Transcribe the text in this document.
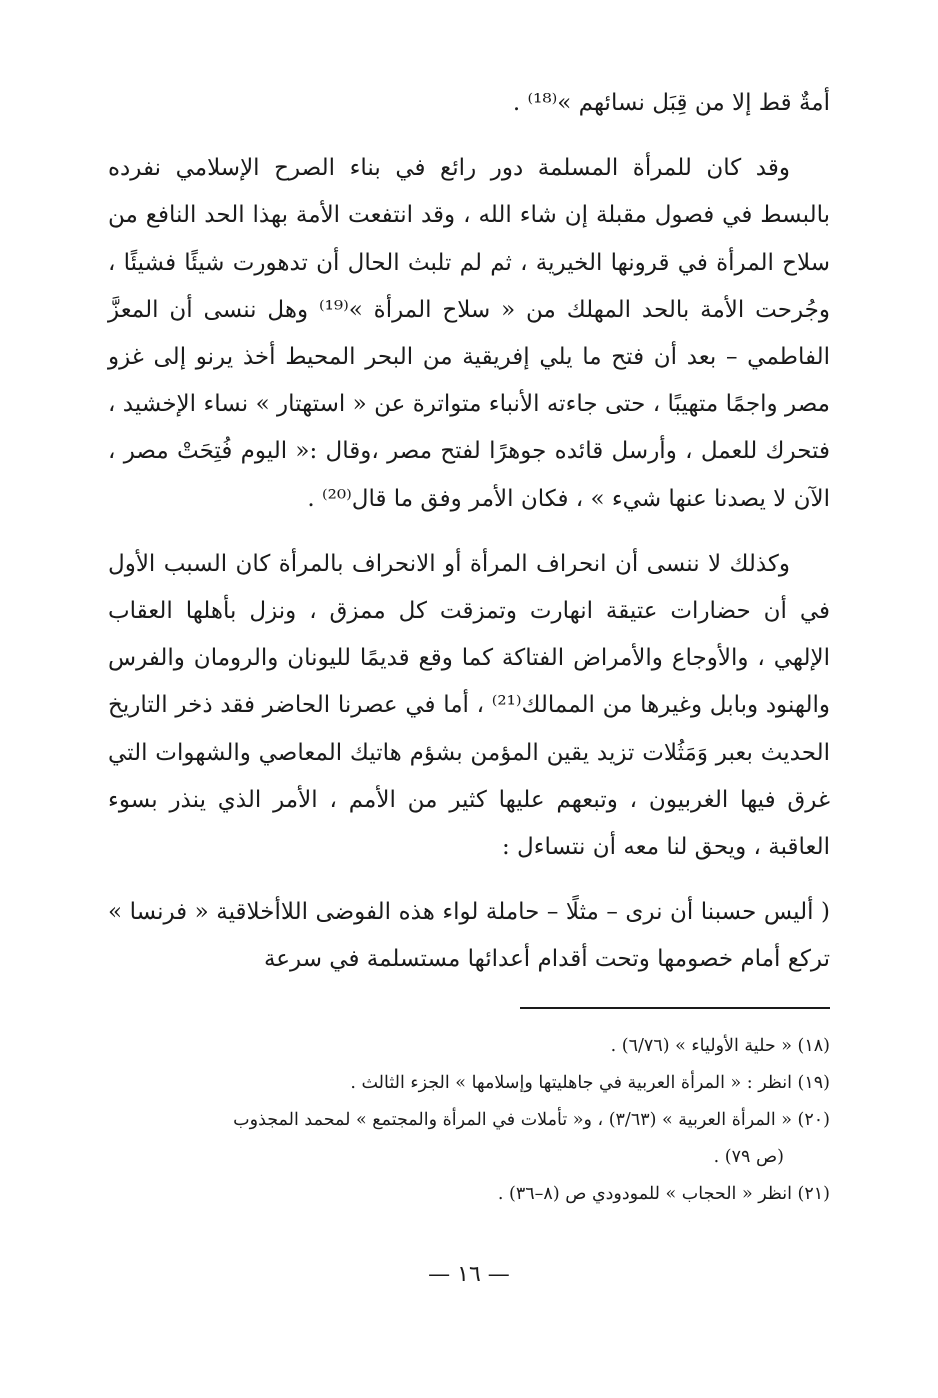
أمةٌ قط إلا من قِبَل نسائهم »⁽¹⁸⁾ .

وقد كان للمرأة المسلمة دور رائع في بناء الصرح الإسلامي نفرده بالبسط في فصول مقبلة إن شاء الله ، وقد انتفعت الأمة بهذا الحد النافع من سلاح المرأة في قرونها الخيرية ، ثم لم تلبث الحال أن تدهورت شيئًا فشيئًا ، وجُرحت الأمة بالحد المهلك من « سلاح المرأة »⁽¹⁹⁾ وهل ننسى أن المعزَّ الفاطمي – بعد أن فتح ما يلي إفريقية من البحر المحيط أخذ يرنو إلى غزو مصر واجمًا متهيبًا ، حتى جاءته الأنباء متواترة عن « استهتار » نساء الإخشيد ، فتحرك للعمل ، وأرسل قائده جوهرًا لفتح مصر ،وقال :« اليوم فُتِحَتْ مصر ، الآن لا يصدنا عنها شيء » ، فكان الأمر وفق ما قال⁽²⁰⁾ .

وكذلك لا ننسى أن انحراف المرأة أو الانحراف بالمرأة كان السبب الأول في أن حضارات عتيقة انهارت وتمزقت كل ممزق ، ونزل بأهلها العقاب الإلهي ، والأوجاع والأمراض الفتاكة كما وقع قديمًا لليونان والرومان والفرس والهنود وبابل وغيرها من الممالك⁽²¹⁾ ، أما في عصرنا الحاضر فقد ذخر التاريخ الحديث بعبر وَمَثُلات تزيد يقين المؤمن بشؤم هاتيك المعاصي والشهوات التي غرق فيها الغربيون ، وتبعهم عليها كثير من الأمم ، الأمر الذي ينذر بسوء العاقبة ، ويحق لنا معه أن نتساءل :

( أليس حسبنا أن نرى – مثلًا – حاملة لواء هذه الفوضى اللاأخلاقية « فرنسا » تركع أمام خصومها وتحت أقدام أعدائها مستسلمة في سرعة

(١٨) « حلية الأولياء » (٦/٧٦) .

(١٩) انظر : « المرأة العربية في جاهليتها وإسلامها » الجزء الثالث .

(٢٠) « المرأة العربية » (٣/٦٣) ، و« تأملات في المرأة والمجتمع » لمحمد المجذوب
(ص ٧٩) .

(٢١) انظر « الحجاب » للمودودي ص (٨–٣٦) .

— ١٦ —
